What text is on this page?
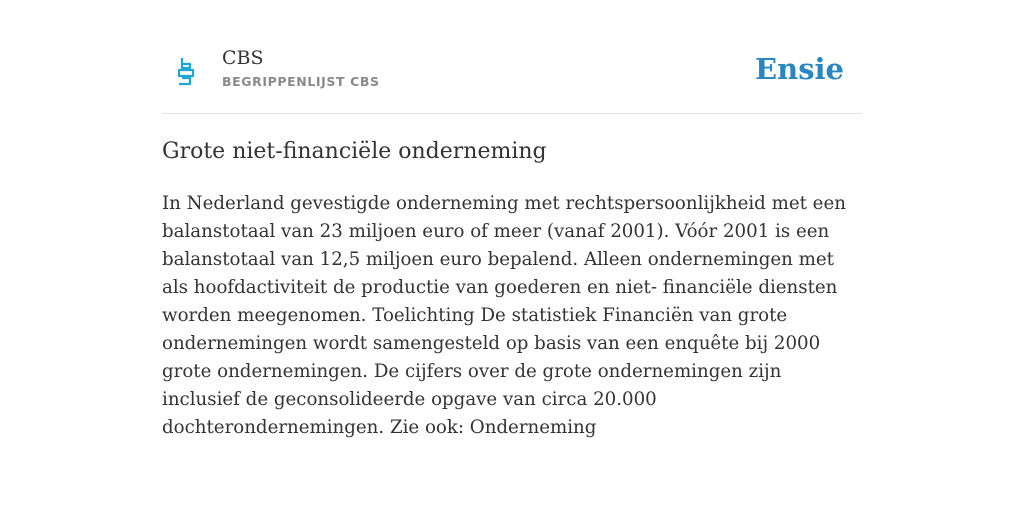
CBS
BEGRIPPENLIJST CBS	Ensie
Grote niet-financiële onderneming

In Nederland gevestigde onderneming met rechtspersoonlijkheid met een balanstotaal van 23 miljoen euro of meer (vanaf 2001). Vóór 2001 is een balanstotaal van 12,5 miljoen euro bepalend. Alleen ondernemingen met als hoofdactiviteit de productie van goederen en niet- financiële diensten worden meegenomen. Toelichting De statistiek Financiën van grote ondernemingen wordt samengesteld op basis van een enquête bij 2000 grote ondernemingen. De cijfers over de grote ondernemingen zijn inclusief de geconsolideerde opgave van circa 20.000 dochterondernemingen. Zie ook: Onderneming
